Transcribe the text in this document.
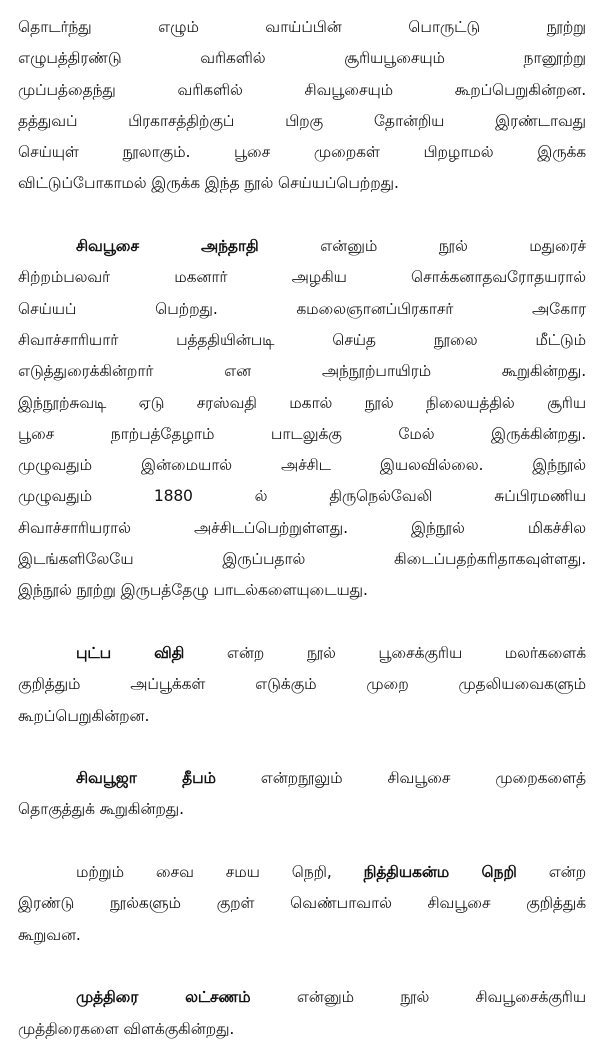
தொடர்ந்து எழும் வாய்ப்பின் பொருட்டு நூற்று
எழுபத்திரண்டு வரிகளில் சூரியபூசையும் நானூற்று
முப்பத்தைந்து வரிகளில் சிவபூசையும் கூறப்பெறுகின்றன.
தத்துவப் பிரகாசத்திற்குப் பிறகு தோன்றிய இரண்டாவது
செய்யுள் நூலாகும். பூசை முறைகள் பிறழாமல் இருக்க
விட்டுப்போகாமல் இருக்க இந்த நூல் செய்யப்பெற்றது.
சிவபூசை அந்தாதி என்னும் நூல் மதுரைச்
சிற்றம்பலவர் மகனார் அழகிய சொக்கனாதவரோதயரால்
செய்யப் பெற்றது. கமலைஞானப்பிரகாசர் அகோர
சிவாச்சாரியார் பத்ததியின்படி செய்த நூலை மீட்டும்
எடுத்துரைக்கின்றார் என அந்நூற்பாயிரம் கூறுகின்றது.
இந்நூற்சுவடி ஏடு சரஸ்வதி மகால் நூல் நிலையத்தில் சூரிய
பூசை நாற்பத்தேழாம் பாடலுக்கு மேல் இருக்கின்றது.
முழுவதும் இன்மையால் அச்சிட இயலவில்லை. இந்நூல்
முழுவதும் 1880 ல் திருநெல்வேலி சுப்பிரமணிய
சிவாச்சாரியரால் அச்சிடப்பெற்றுள்ளது. இந்நூல் மிகச்சில
இடங்களிலேயே இருப்பதால் கிடைப்பதற்கரிதாகவுள்ளது.
இந்நூல் நூற்று இருபத்தேழு பாடல்களையுடையது.
புட்ப விதி என்ற நூல் பூசைக்குரிய மலர்களைக்
குறித்தும் அப்பூக்கள் எடுக்கும் முறை முதலியவைகளும்
கூறப்பெறுகின்றன.
சிவபூஜா தீபம் என்றநூலும் சிவபூசை முறைகளைத்
தொகுத்துக் கூறுகின்றது.
மற்றும் சைவ சமய நெறி, நித்தியகன்ம நெறி என்ற
இரண்டு நூல்களும் குறள் வெண்பாவால் சிவபூசை குறித்துக்
கூறுவன.
முத்திரை லட்சணம் என்னும் நூல் சிவபூசைக்குரிய
முத்திரைகளை விளக்குகின்றது.
